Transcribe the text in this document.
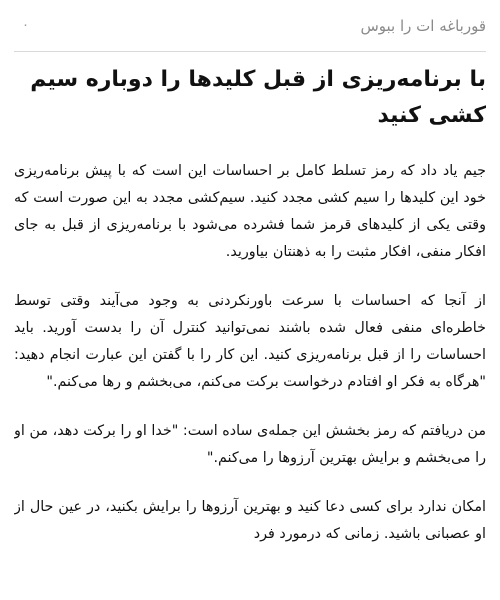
۰	قورباغه ات را ببوس
با برنامه‌ریزی از قبل کلیدها را دوباره سیم کشی کنید

جیم یاد داد که رمز تسلط کامل بر احساسات این است که با پیش برنامه‌ریزی خود این کلیدها را سیم کشی مجدد کنید. سیم‌کشی مجدد به این صورت است که وقتی یکی از کلیدهای قرمز شما فشرده می‌شود با برنامه‌ریزی از قبل به جای افکار منفی، افکار مثبت را به ذهنتان بیاورید.

از آنجا که احساسات با سرعت باورنکردنی به وجود می‌آیند وقتی توسط خاطره‌ای منفی فعال شده باشند نمی‌توانید کنترل آن را بدست آورید. باید احساسات را از قبل برنامه‌ریزی کنید. این کار را با گفتن این عبارت انجام دهید: "هرگاه به فکر او افتادم درخواست برکت می‌کنم، می‌بخشم و رها می‌کنم."

من دریافتم که رمز بخشش این جمله‌ی ساده است: "خدا او را برکت دهد، من او را می‌بخشم و برایش بهترین آرزوها را می‌کنم."

امکان ندارد برای کسی دعا کنید و بهترین آرزوها را برایش بکنید، در عین حال از او عصبانی باشید. زمانی که درمورد فرد
